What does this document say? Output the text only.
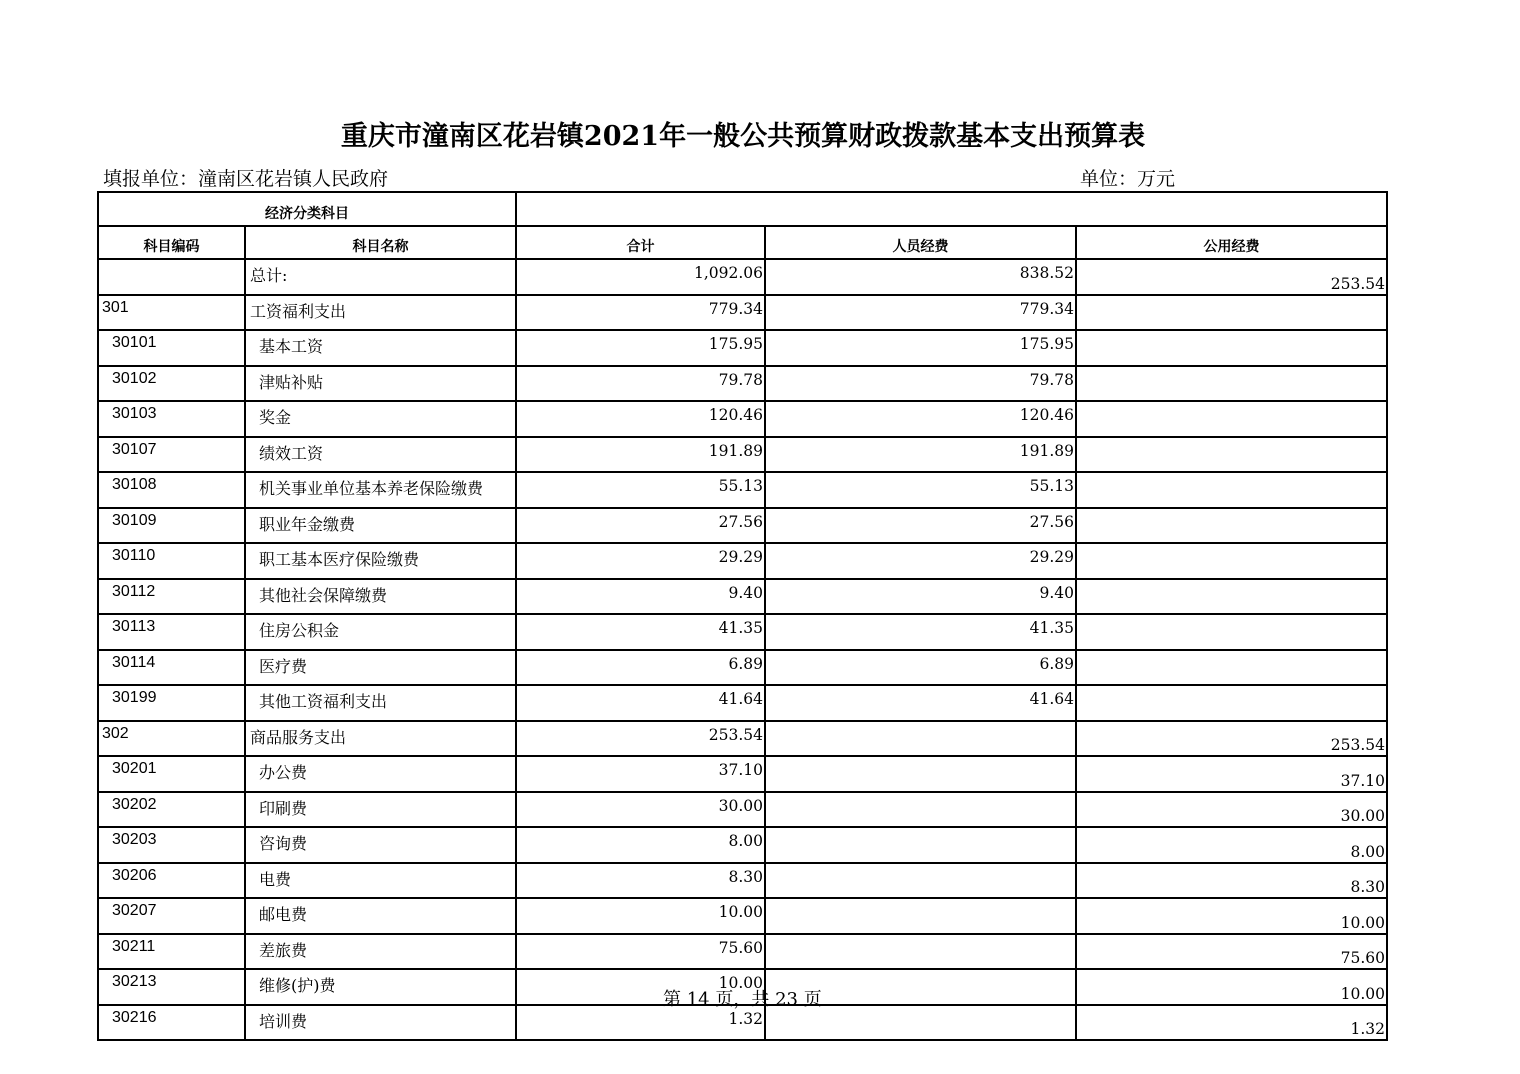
重庆市潼南区花岩镇2021年一般公共预算财政拨款基本支出预算表
填报单位：潼南区花岩镇人民政府	单位：万元
经济分类科目				
科目编码	科目名称	合计	人员经费	公用经费
	总计:	1,092.06	838.52	253.54
301	工资福利支出	779.34	779.34	
30101	基本工资	175.95	175.95	
30102	津贴补贴	79.78	79.78	
30103	奖金	120.46	120.46	
30107	绩效工资	191.89	191.89	
30108	机关事业单位基本养老保险缴费	55.13	55.13	
30109	职业年金缴费	27.56	27.56	
30110	职工基本医疗保险缴费	29.29	29.29	
30112	其他社会保障缴费	9.40	9.40	
30113	住房公积金	41.35	41.35	
30114	医疗费	6.89	6.89	
30199	其他工资福利支出	41.64	41.64	
302	商品服务支出	253.54		253.54
30201	办公费	37.10		37.10
30202	印刷费	30.00		30.00
30203	咨询费	8.00		8.00
30206	电费	8.30		8.30
30207	邮电费	10.00		10.00
30211	差旅费	75.60		75.60
30213	维修(护)费	10.00		10.00
30216	培训费	1.32		1.32
第 14 页，共 23 页
